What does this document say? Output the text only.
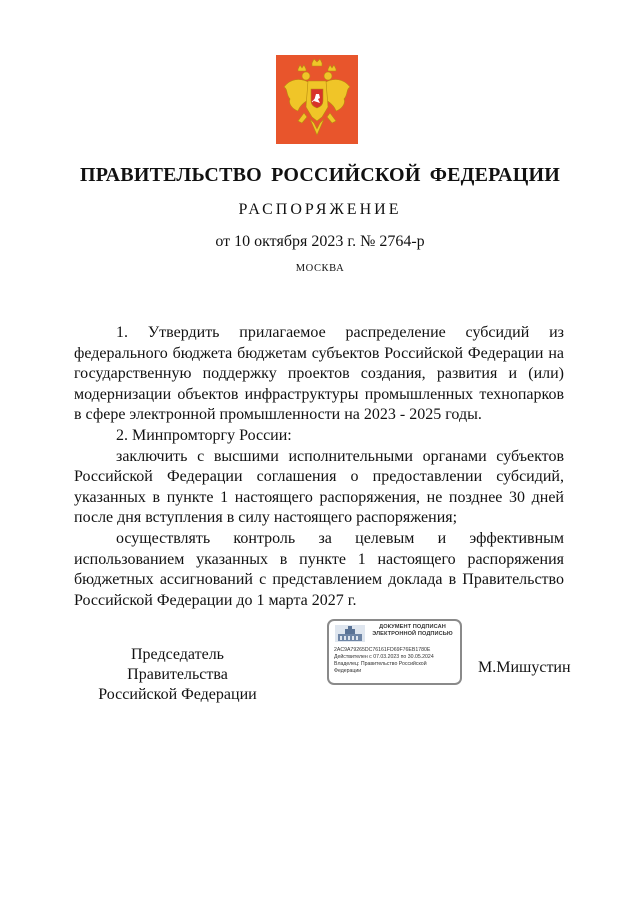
ПРАВИТЕЛЬСТВО РОССИЙСКОЙ ФЕДЕРАЦИИ
РАСПОРЯЖЕНИЕ
от 10 октября 2023 г. № 2764-р
МОСКВА

1. Утвердить прилагаемое распределение субсидий из федерального бюджета бюджетам субъектов Российской Федерации на государственную поддержку проектов создания, развития и (или) модернизации объектов инфраструктуры промышленных технопарков в сфере электронной промышленности на 2023 - 2025 годы.

2. Минпромторгу России:

заключить с высшими исполнительными органами субъектов Российской Федерации соглашения о предоставлении субсидий, указанных в пункте 1 настоящего распоряжения, не позднее 30 дней после дня вступления в силу настоящего распоряжения;

осуществлять контроль за целевым и эффективным использованием указанных в пункте 1 настоящего распоряжения бюджетных ассигнований с представлением доклада в Правительство Российской Федерации до 1 марта 2027 г.

Председатель Правительства
Российской Федерации
ДОКУМЕНТ ПОДПИСАН
ЭЛЕКТРОННОЙ ПОДПИСЬЮ
2AC9A79265DC76161FD69F76EB1780E
Действителен с 07.03.2023 по 30.05.2024
Владелец: Правительство Российской
Федерации	М.Мишустин
